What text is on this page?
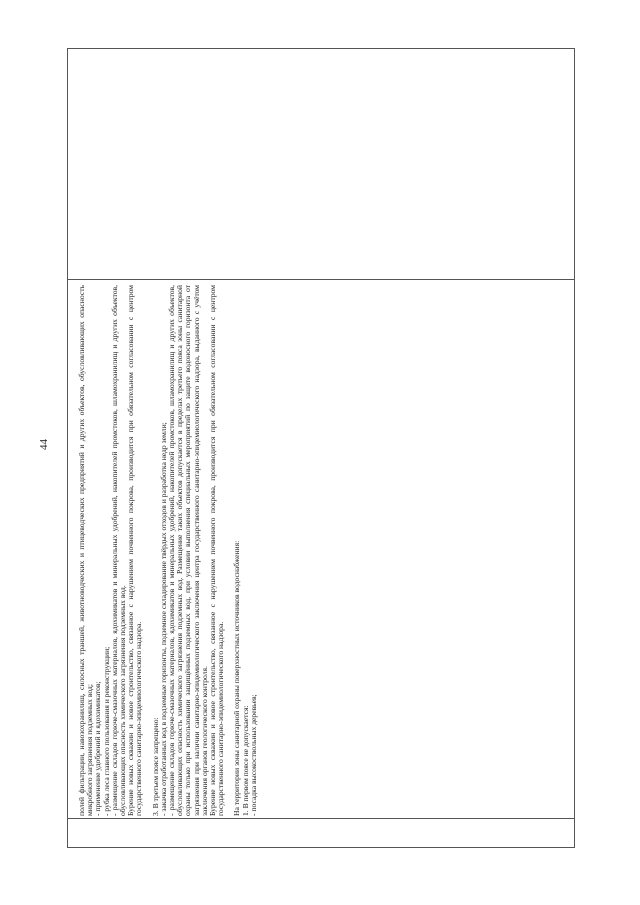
44	полей фильтрации, навозохранилищ, силосных траншей, животноводческих и птицеводческих предприятий и других объектов, обусловливающих опасность микробного загрязнения подземных вод; - применение удобрений и ядохимикатов; - рубка леса главного пользования и реконструкции; - размещение складов горюче-смазочных материалов, ядохимикатов и минеральных удобрений, накопителей промстоков, шламохранилищ и других объектов, обусловливающих опасность химического загрязнения подземных вод. Бурение новых скважин и новое строительство, связанное с нарушением почвенного покрова, производится при обязательном согласовании с центром государственного санитарно-эпидемиологического надзора. 3. В третьем поясе запрещено: - закачка отработанных вод в подземные горизонты, подземное складирование твёрдых отходов и разработка недр земли; - размещение складов горюче-смазочных материалов, ядохимикатов и минеральных удобрений, накопителей промстоков, шламохранилищ и других объектов, обусловливающих опасность химического загрязнения подземных вод. Размещение таких объектов допускается в пределах третьего пояса зоны санитарной охраны только при использовании защищённых подземных вод, при условии выполнения специальных мероприятий по защите водоносного горизонта от загрязнения при наличии санитарно-эпидемиологического заключения центра государственного санитарно-эпидемиологического надзора, выданного с учётом заключения органов геологического контроля. Бурение новых скважин и новое строительство, связанное с нарушением почвенного покрова, производится при обязательном согласовании с центром государственного санитарно-эпидемиологического надзора. На территории зоны санитарной охраны поверхностных источников водоснабжения: 1. В первом поясе не допускается: - посадка высокоствольных деревьев;
